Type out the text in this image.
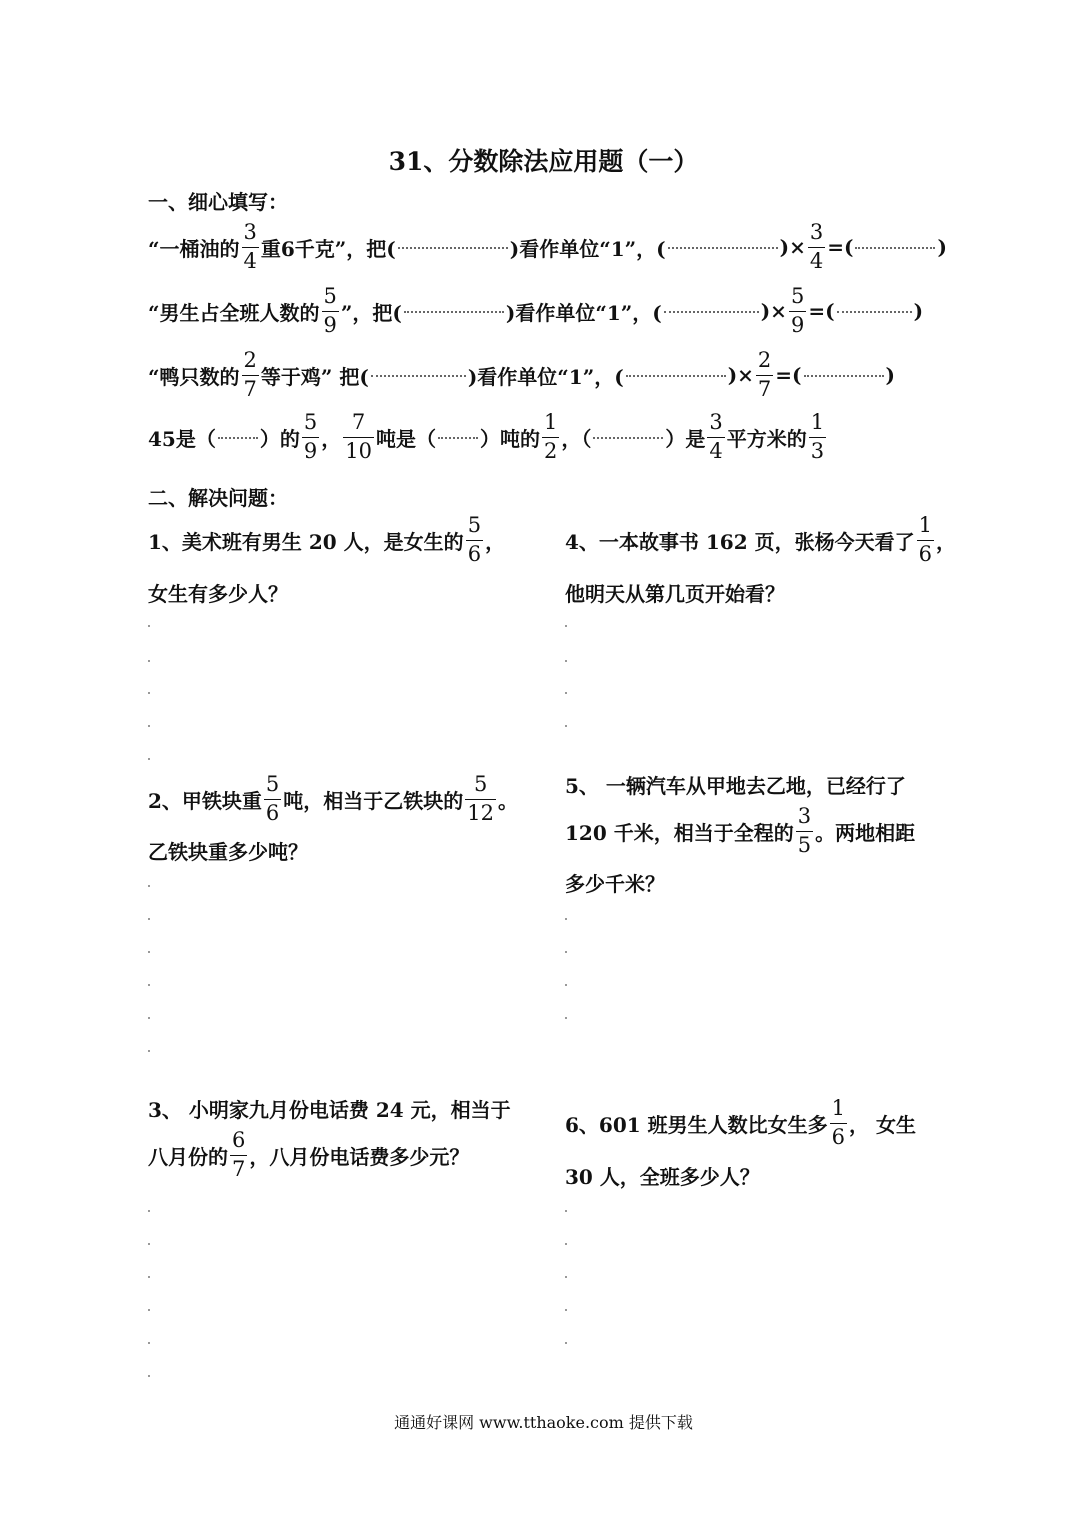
31、分数除法应用题（一）
一、细心填写：
“一桶油的 $\frac{3}{4}$ 重6千克”，把(	)看作单位“1”，(	)× $\frac{3}{4}$ =(	)
“男生占全班人数的 $\frac{5}{9}$ ”，把(	)看作单位“1”，(	)× $\frac{5}{9}$ =(	)
“鸭只数的 $\frac{2}{7}$ 等于鸡” 把(	)看作单位“1”，(	)× $\frac{2}{7}$ =(	)
45是（ ）的 $\frac{5}{9}$ ， $\frac{7}{10}$ 吨是（ ）吨的 $\frac{1}{2}$ ，（	）是 $\frac{3}{4}$ 平方米的 $\frac{1}{3}$
二、解决问题：
1、美术班有男生 20 人，是女生的 $\frac{5}{6}$ ，
女生有多少人？
4、一本故事书 162 页，张杨今天看了 $\frac{1}{6}$ ，
他明天从第几页开始看？
2、甲铁块重 $\frac{5}{6}$ 吨，相当于乙铁块的 $\frac{5}{12}$ 。
乙铁块重多少吨？
5、 一辆汽车从甲地去乙地，已经行了
120 千米，相当于全程的 $\frac{3}{5}$ 。两地相距
多少千米？
3、 小明家九月份电话费 24 元，相当于
八月份的 $\frac{6}{7}$ ，八月份电话费多少元？
6、601 班男生人数比女生多 $\frac{1}{6}$ ， 女生
30 人，全班多少人？
通通好课网 www.tthaoke.com 提供下载
